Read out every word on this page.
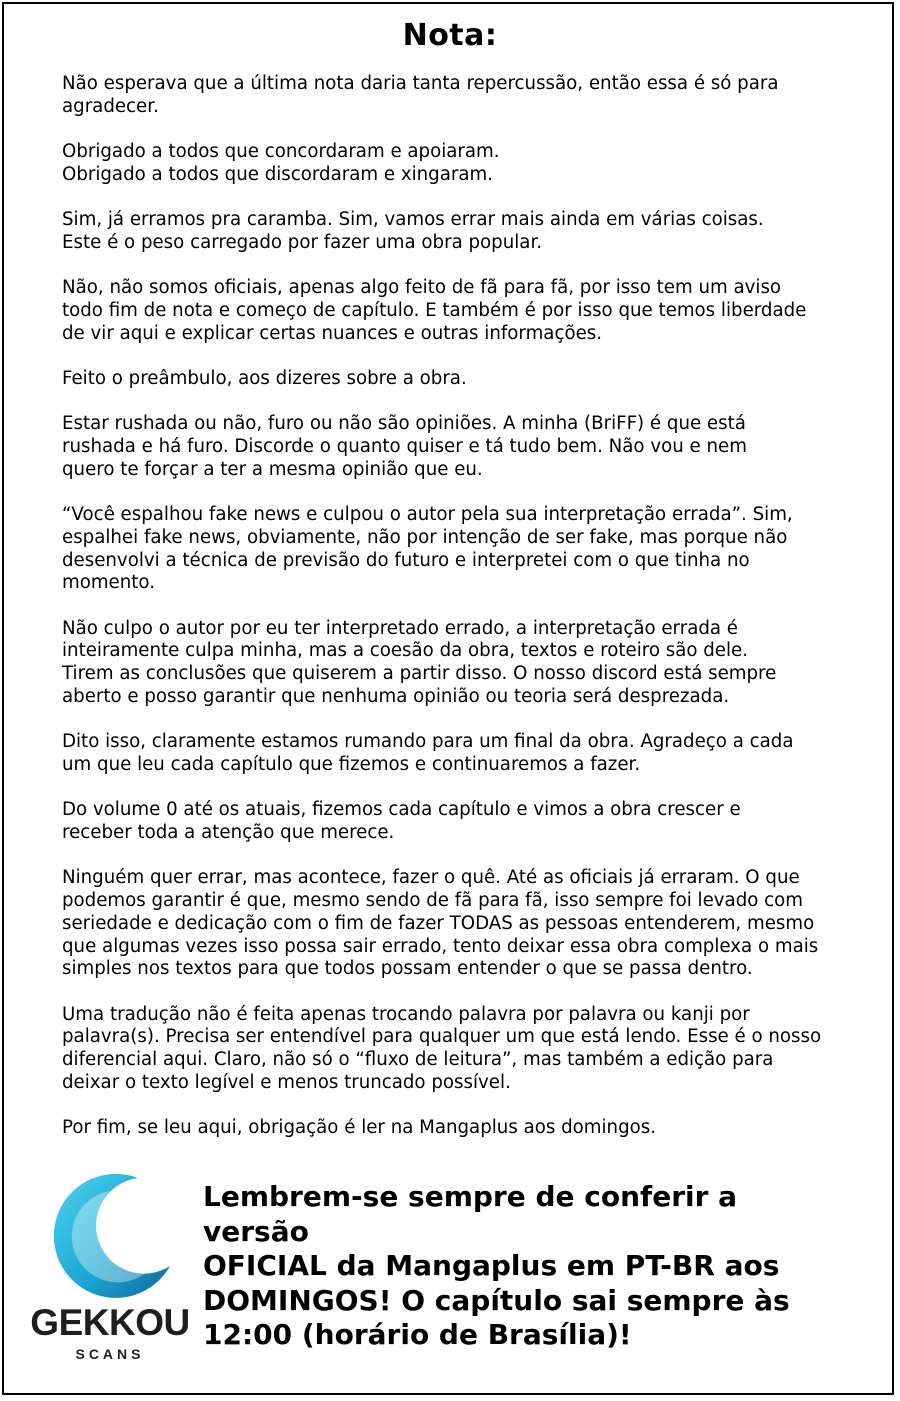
Nota:

Não esperava que a última nota daria tanta repercussão, então essa é só para
agradecer.

Obrigado a todos que concordaram e apoiaram.
Obrigado a todos que discordaram e xingaram.

Sim, já erramos pra caramba. Sim, vamos errar mais ainda em várias coisas.
Este é o peso carregado por fazer uma obra popular.

Não, não somos oficiais, apenas algo feito de fã para fã, por isso tem um aviso
todo fim de nota e começo de capítulo. E também é por isso que temos liberdade
de vir aqui e explicar certas nuances e outras informações.

Feito o preâmbulo, aos dizeres sobre a obra.

Estar rushada ou não, furo ou não são opiniões. A minha (BriFF) é que está
rushada e há furo. Discorde o quanto quiser e tá tudo bem. Não vou e nem
quero te forçar a ter a mesma opinião que eu.

“Você espalhou fake news e culpou o autor pela sua interpretação errada”. Sim,
espalhei fake news, obviamente, não por intenção de ser fake, mas porque não
desenvolvi a técnica de previsão do futuro e interpretei com o que tinha no
momento.

Não culpo o autor por eu ter interpretado errado, a interpretação errada é
inteiramente culpa minha, mas a coesão da obra, textos e roteiro são dele.
Tirem as conclusões que quiserem a partir disso. O nosso discord está sempre
aberto e posso garantir que nenhuma opinião ou teoria será desprezada.

Dito isso, claramente estamos rumando para um final da obra. Agradeço a cada
um que leu cada capítulo que fizemos e continuaremos a fazer.

Do volume 0 até os atuais, fizemos cada capítulo e vimos a obra crescer e
receber toda a atenção que merece.

Ninguém quer errar, mas acontece, fazer o quê. Até as oficiais já erraram. O que
podemos garantir é que, mesmo sendo de fã para fã, isso sempre foi levado com
seriedade e dedicação com o fim de fazer TODAS as pessoas entenderem, mesmo
que algumas vezes isso possa sair errado, tento deixar essa obra complexa o mais
simples nos textos para que todos possam entender o que se passa dentro.

Uma tradução não é feita apenas trocando palavra por palavra ou kanji por
palavra(s). Precisa ser entendível para qualquer um que está lendo. Esse é o nosso
diferencial aqui. Claro, não só o “fluxo de leitura”, mas também a edição para
deixar o texto legível e menos truncado possível.

Por fim, se leu aqui, obrigação é ler na Mangaplus aos domingos.

GEKKOU
SCANS
Lembrem-se sempre de conferir a versão
OFICIAL da Mangaplus em PT-BR aos
DOMINGOS! O capítulo sai sempre às
12:00 (horário de Brasília)!
